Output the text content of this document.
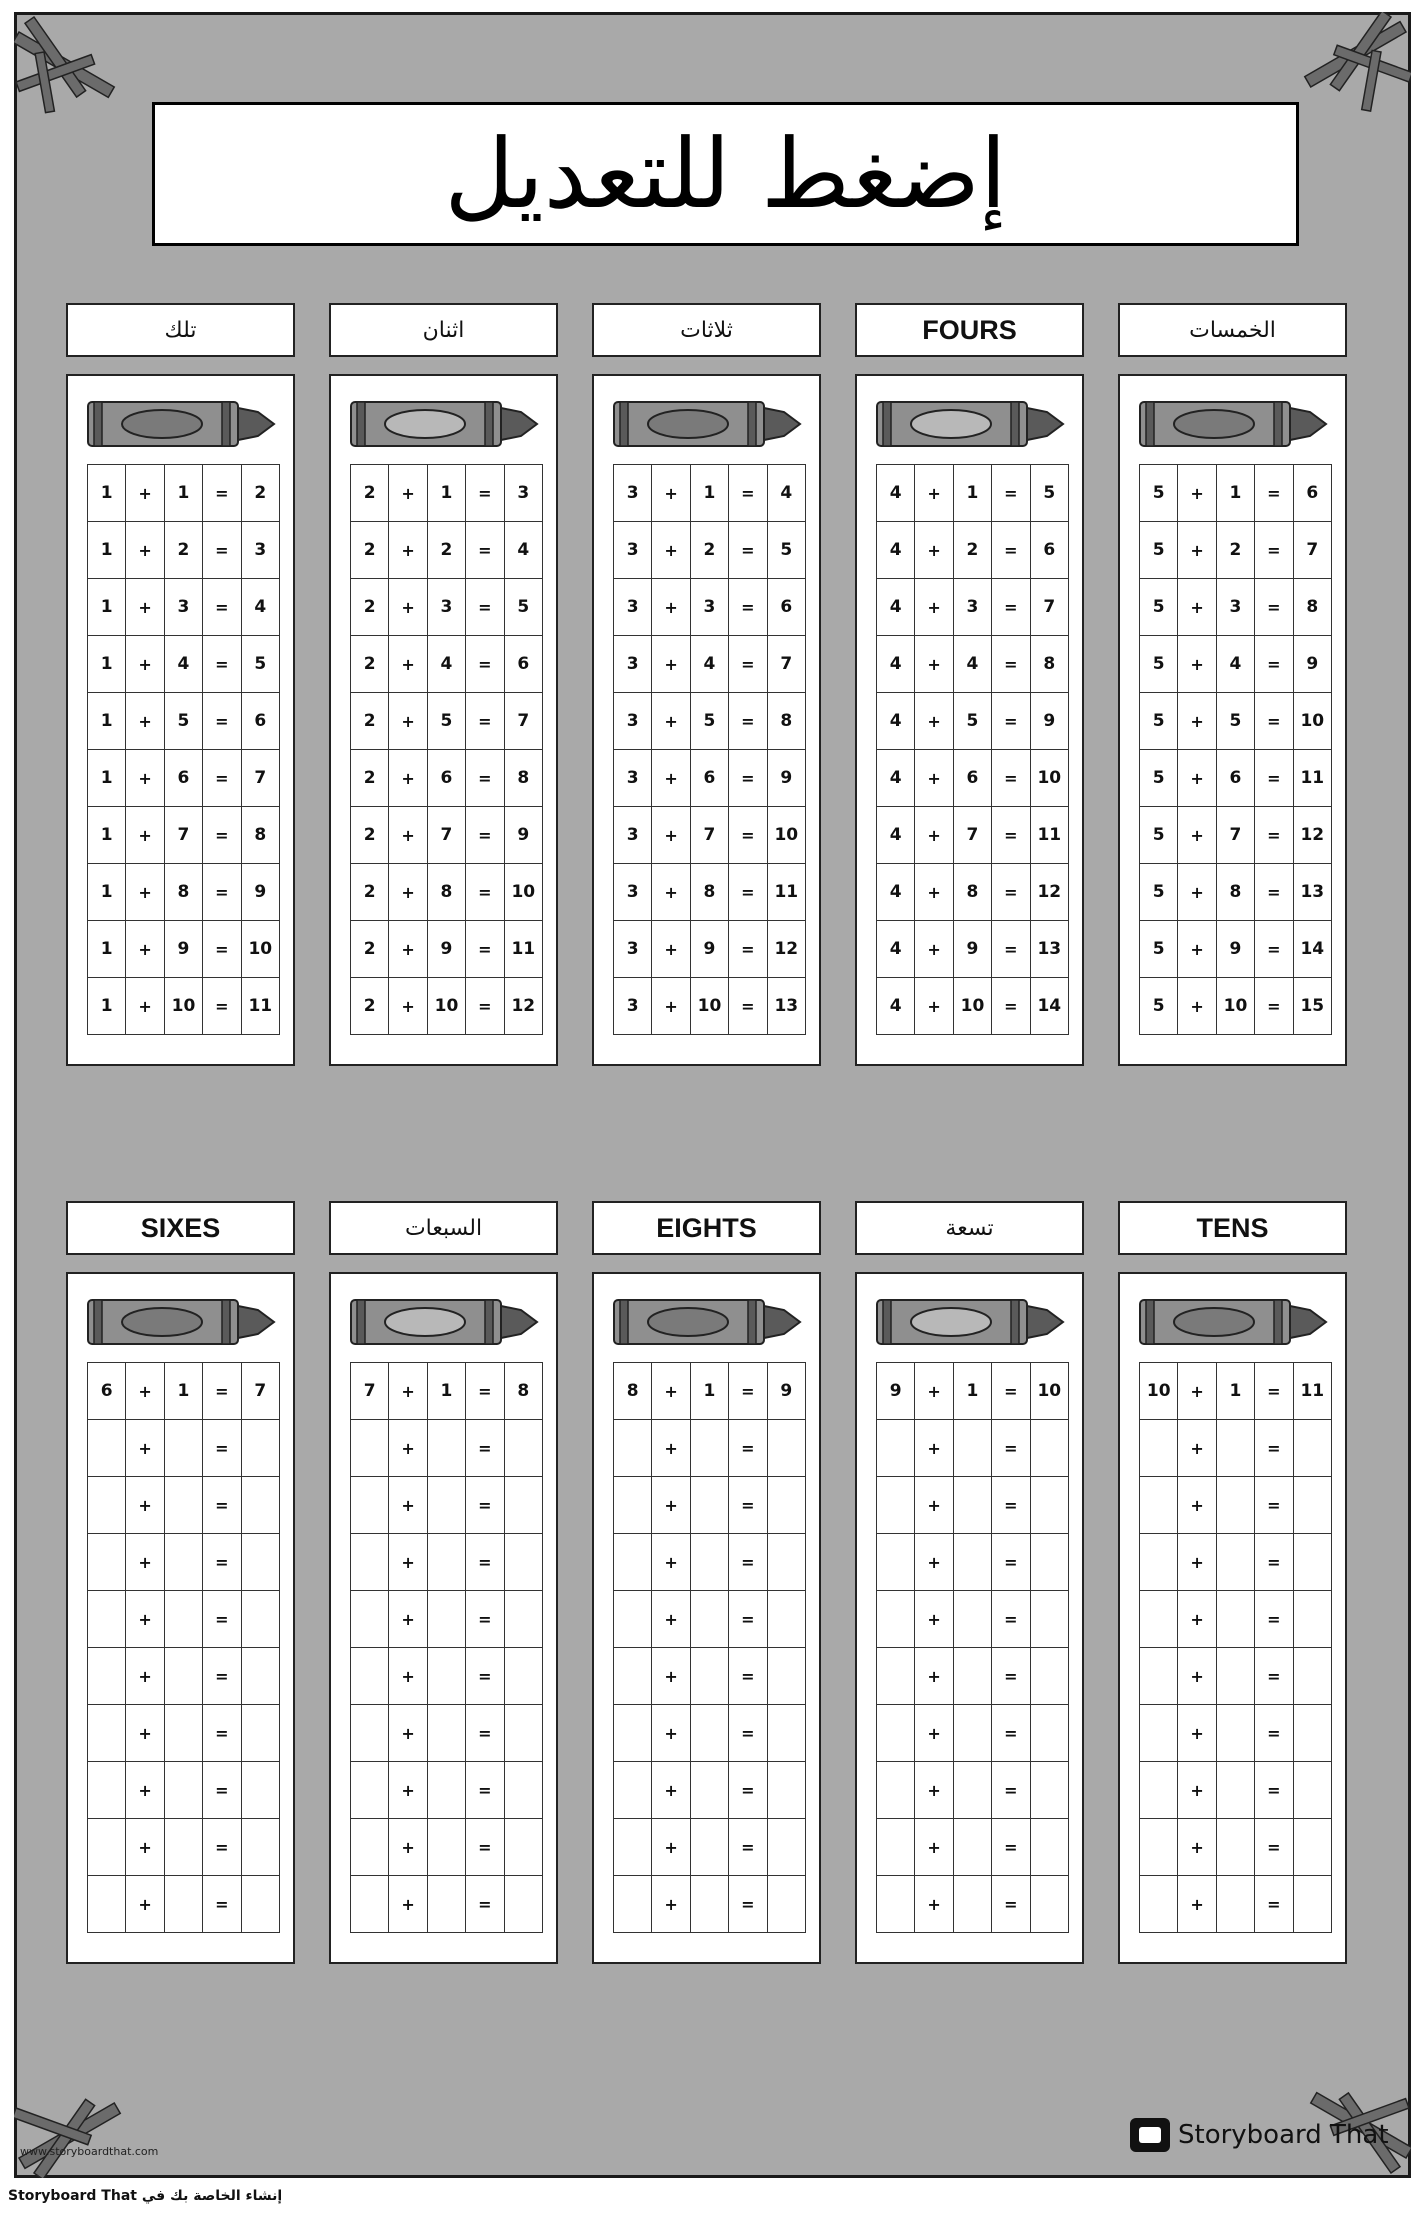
إضغط للتعديل
تلك
1	+	1	=	2
1	+	2	=	3
1	+	3	=	4
1	+	4	=	5
1	+	5	=	6
1	+	6	=	7
1	+	7	=	8
1	+	8	=	9
1	+	9	=	10
1	+	10	=	11
اثنان
2	+	1	=	3
2	+	2	=	4
2	+	3	=	5
2	+	4	=	6
2	+	5	=	7
2	+	6	=	8
2	+	7	=	9
2	+	8	=	10
2	+	9	=	11
2	+	10	=	12
ثلاثات
3	+	1	=	4
3	+	2	=	5
3	+	3	=	6
3	+	4	=	7
3	+	5	=	8
3	+	6	=	9
3	+	7	=	10
3	+	8	=	11
3	+	9	=	12
3	+	10	=	13
FOURS
4	+	1	=	5
4	+	2	=	6
4	+	3	=	7
4	+	4	=	8
4	+	5	=	9
4	+	6	=	10
4	+	7	=	11
4	+	8	=	12
4	+	9	=	13
4	+	10	=	14
الخمسات
5	+	1	=	6
5	+	2	=	7
5	+	3	=	8
5	+	4	=	9
5	+	5	=	10
5	+	6	=	11
5	+	7	=	12
5	+	8	=	13
5	+	9	=	14
5	+	10	=	15
SIXES
6	+	1	=	7
	+		=	
	+		=	
	+		=	
	+		=	
	+		=	
	+		=	
	+		=	
	+		=	
	+		=	
السبعات
7	+	1	=	8
	+		=	
	+		=	
	+		=	
	+		=	
	+		=	
	+		=	
	+		=	
	+		=	
	+		=	
EIGHTS
8	+	1	=	9
	+		=	
	+		=	
	+		=	
	+		=	
	+		=	
	+		=	
	+		=	
	+		=	
	+		=	
تسعة
9	+	1	=	10
	+		=	
	+		=	
	+		=	
	+		=	
	+		=	
	+		=	
	+		=	
	+		=	
	+		=	
TENS
10	+	1	=	11
	+		=	
	+		=	
	+		=	
	+		=	
	+		=	
	+		=	
	+		=	
	+		=	
	+		=	
Storyboard That
www.storyboardthat.com
إنشاء الخاصة بك في Storyboard That
